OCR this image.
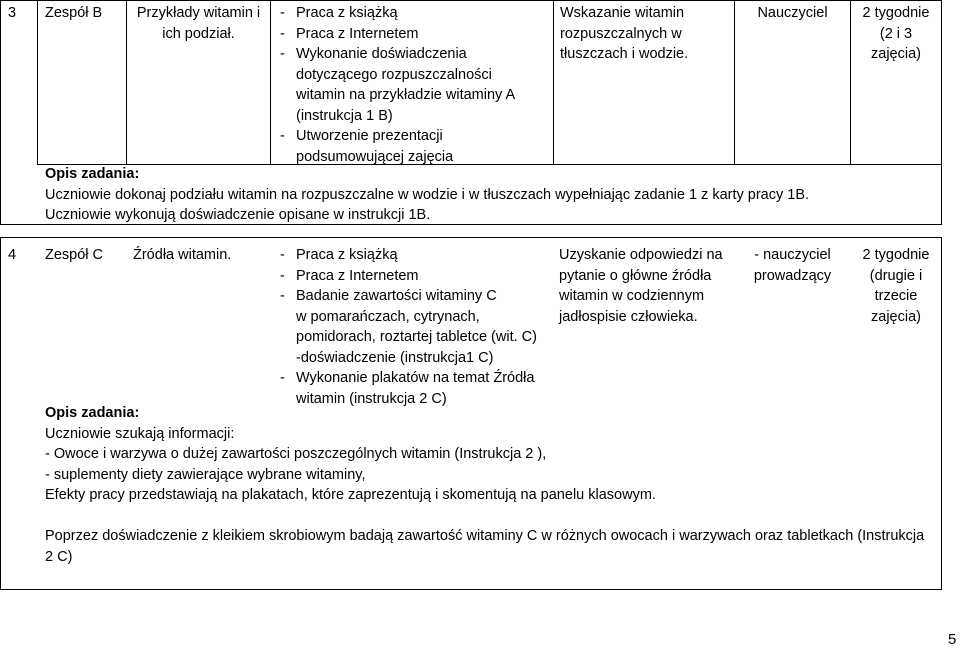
3 Zespół B	Przykłady witamin i
ich podział.
- Praca z książką
- Praca z Internetem
- Wykonanie doświadczenia
dotyczącego rozpuszczalności
witamin na przykładzie witaminy A
(instrukcja 1 B)
- Utworzenie prezentacji
podsumowującej zajęcia
Wskazanie witamin
rozpuszczalnych w
tłuszczach i wodzie.
Nauczyciel	2 tygodnie
(2 i 3
zajęcia)
Opis zadania:
Uczniowie dokonaj podziału witamin na rozpuszczalne w wodzie i w tłuszczach wypełniając zadanie 1 z karty pracy 1B.
Uczniowie wykonują doświadczenie opisane w instrukcji 1B.
4 Zespół C Źródła witamin.
-	Praca z książką
- Praca z Internetem
- Badanie zawartości witaminy C
w pomarańczach, cytrynach,
pomidorach, roztartej tabletce (wit. C)
-doświadczenie (instrukcja1 C)
- Wykonanie plakatów na temat Źródła
witamin (instrukcja 2 C)
Uzyskanie odpowiedzi na
pytanie o główne źródła
witamin w codziennym
jadłospisie człowieka.
- nauczyciel
prowadzący
2 tygodnie
(drugie i
trzecie
zajęcia)
Opis zadania:
Uczniowie szukają informacji:
- Owoce i warzywa o dużej zawartości poszczególnych witamin (Instrukcja 2 ),
- suplementy diety zawierające wybrane witaminy,
Efekty pracy przedstawiają na plakatach, które zaprezentują i skomentują na panelu klasowym.
Poprzez doświadczenie z kleikiem skrobiowym badają zawartość witaminy C w różnych owocach i warzywach oraz tabletkach (Instrukcja
2 C)
5
